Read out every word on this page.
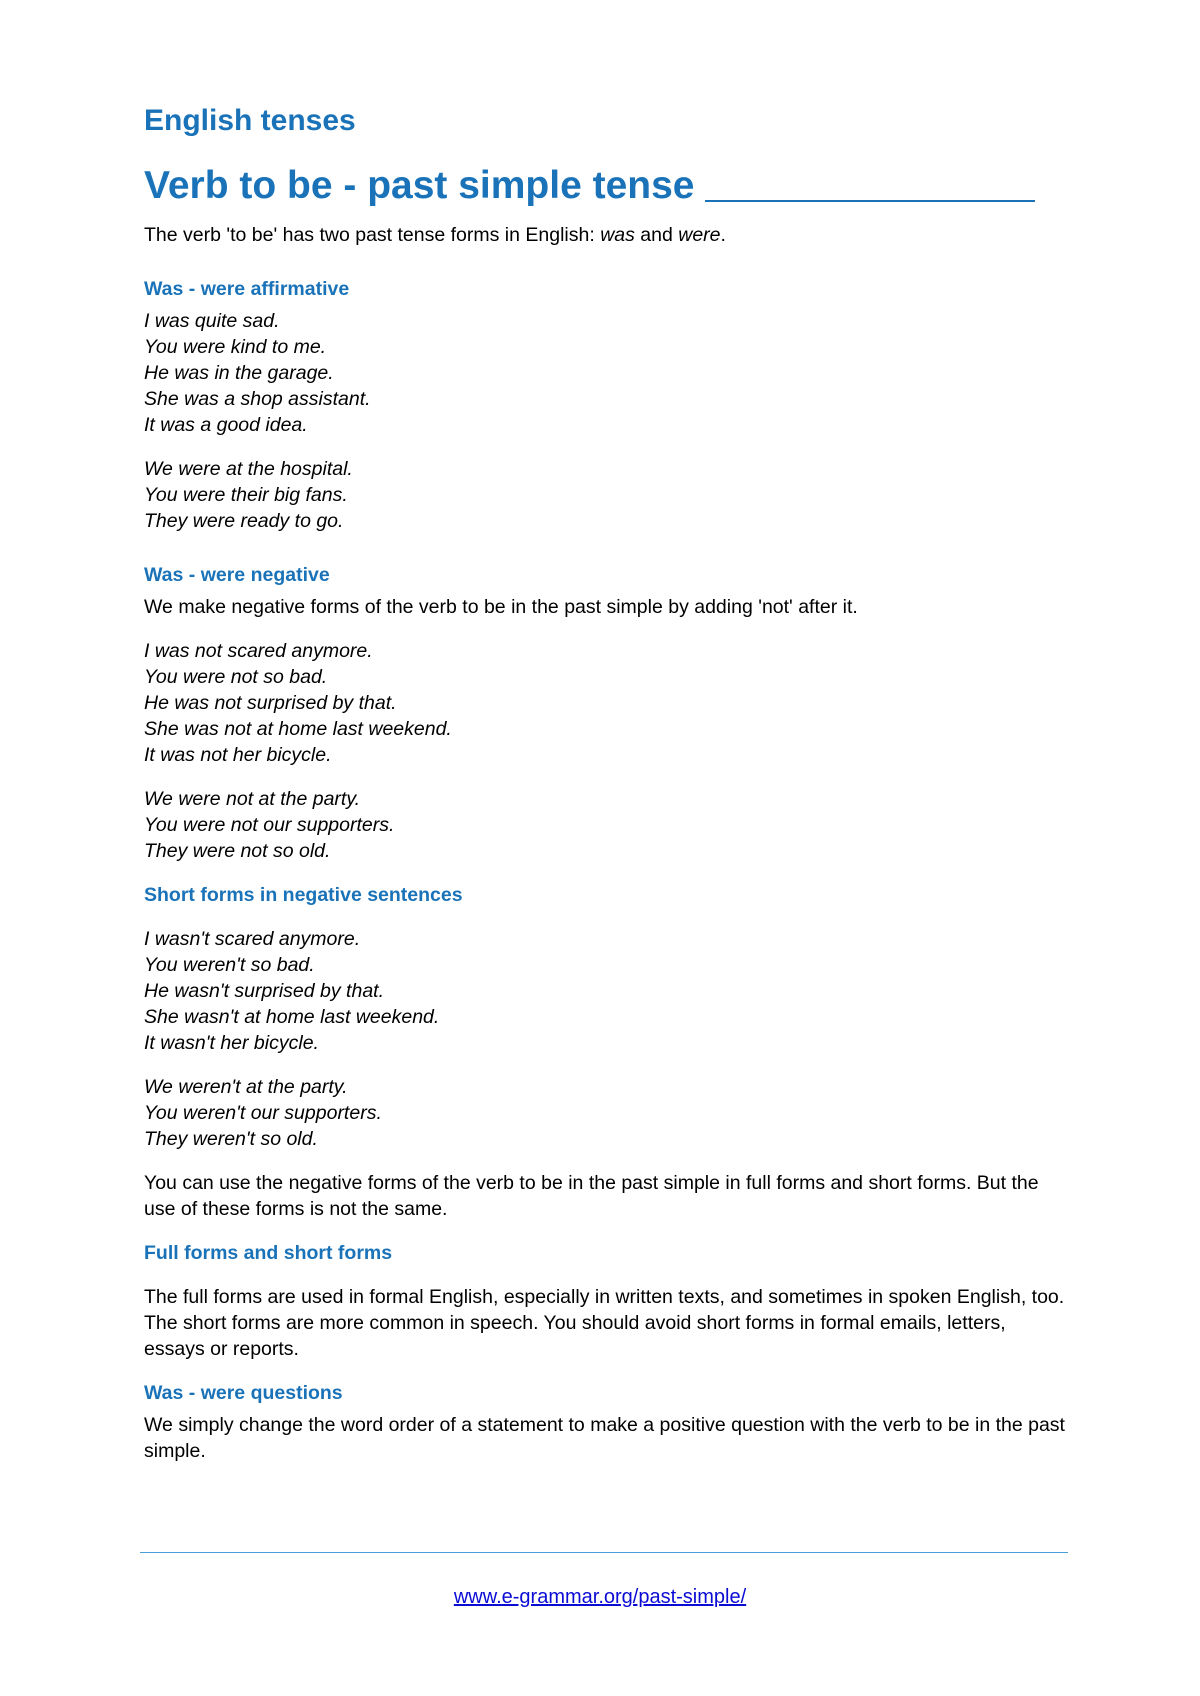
English tenses
Verb to be - past simple tense

The verb 'to be' has two past tense forms in English: was and were.

Was - were affirmative
I was quite sad.
You were kind to me.
He was in the garage.
She was a shop assistant.
It was a good idea.
We were at the hospital.
You were their big fans.
They were ready to go.
Was - were negative

We make negative forms of the verb to be in the past simple by adding 'not' after it.

I was not scared anymore.
You were not so bad.
He was not surprised by that.
She was not at home last weekend.
It was not her bicycle.
We were not at the party.
You were not our supporters.
They were not so old.
Short forms in negative sentences
I wasn't scared anymore.
You weren't so bad.
He wasn't surprised by that.
She wasn't at home last weekend.
It wasn't her bicycle.
We weren't at the party.
You weren't our supporters.
They weren't so old.

You can use the negative forms of the verb to be in the past simple in full forms and short forms. But the use of these forms is not the same.

Full forms and short forms

The full forms are used in formal English, especially in written texts, and sometimes in spoken English, too. The short forms are more common in speech. You should avoid short forms in formal emails, letters, essays or reports.

Was - were questions

We simply change the word order of a statement to make a positive question with the verb to be in the past simple.

www.e-grammar.org/past-simple/
